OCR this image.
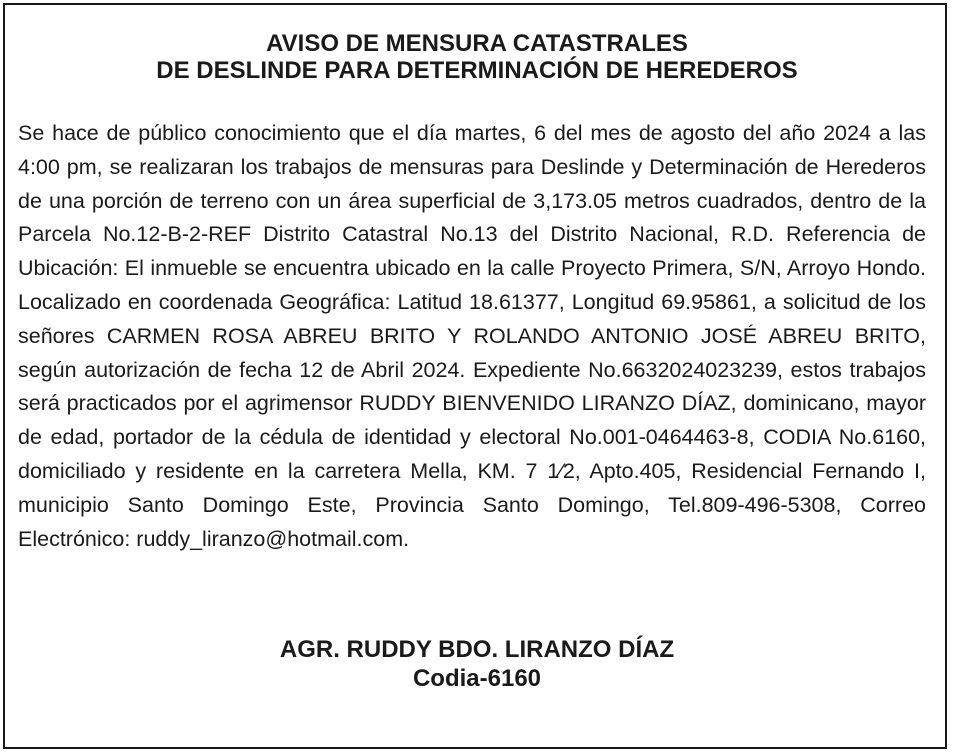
AVISO DE MENSURA CATASTRALES
DE DESLINDE PARA DETERMINACIÓN DE HEREDEROS

Se hace de público conocimiento que el día martes, 6 del mes de agosto del año 2024 a las 4:00 pm, se realizaran los trabajos de mensuras para Deslinde y Determinación de Herederos de una porción de terreno con un área superficial de 3,173.05 metros cuadrados, dentro de la Parcela No.12-B-2-REF Distrito Catastral No.13 del Distrito Nacional, R.D. Referencia de Ubicación: El inmueble se encuentra ubicado en la calle Proyecto Primera, S/N, Arroyo Hondo. Localizado en coordenada Geográfica: Latitud 18.61377, Longitud 69.95861, a solicitud de los señores CARMEN ROSA ABREU BRITO Y ROLANDO ANTONIO JOSÉ ABREU BRITO, según autorización de fecha 12 de Abril 2024. Expediente No.6632024023239, estos trabajos será practicados por el agrimensor RUDDY BIENVENIDO LIRANZO DÍAZ, dominicano, mayor de edad, portador de la cédula de identidad y electoral No.001-0464463-8, CODIA No.6160, domiciliado y residente en la carretera Mella, KM. 7 1⁄2, Apto.405, Residencial Fernando I, municipio Santo Domingo Este, Provincia Santo Domingo, Tel.809-496-5308, Correo Electrónico: ruddy_liranzo@hotmail.com.

AGR. RUDDY BDO. LIRANZO DÍAZ
Codia-6160
